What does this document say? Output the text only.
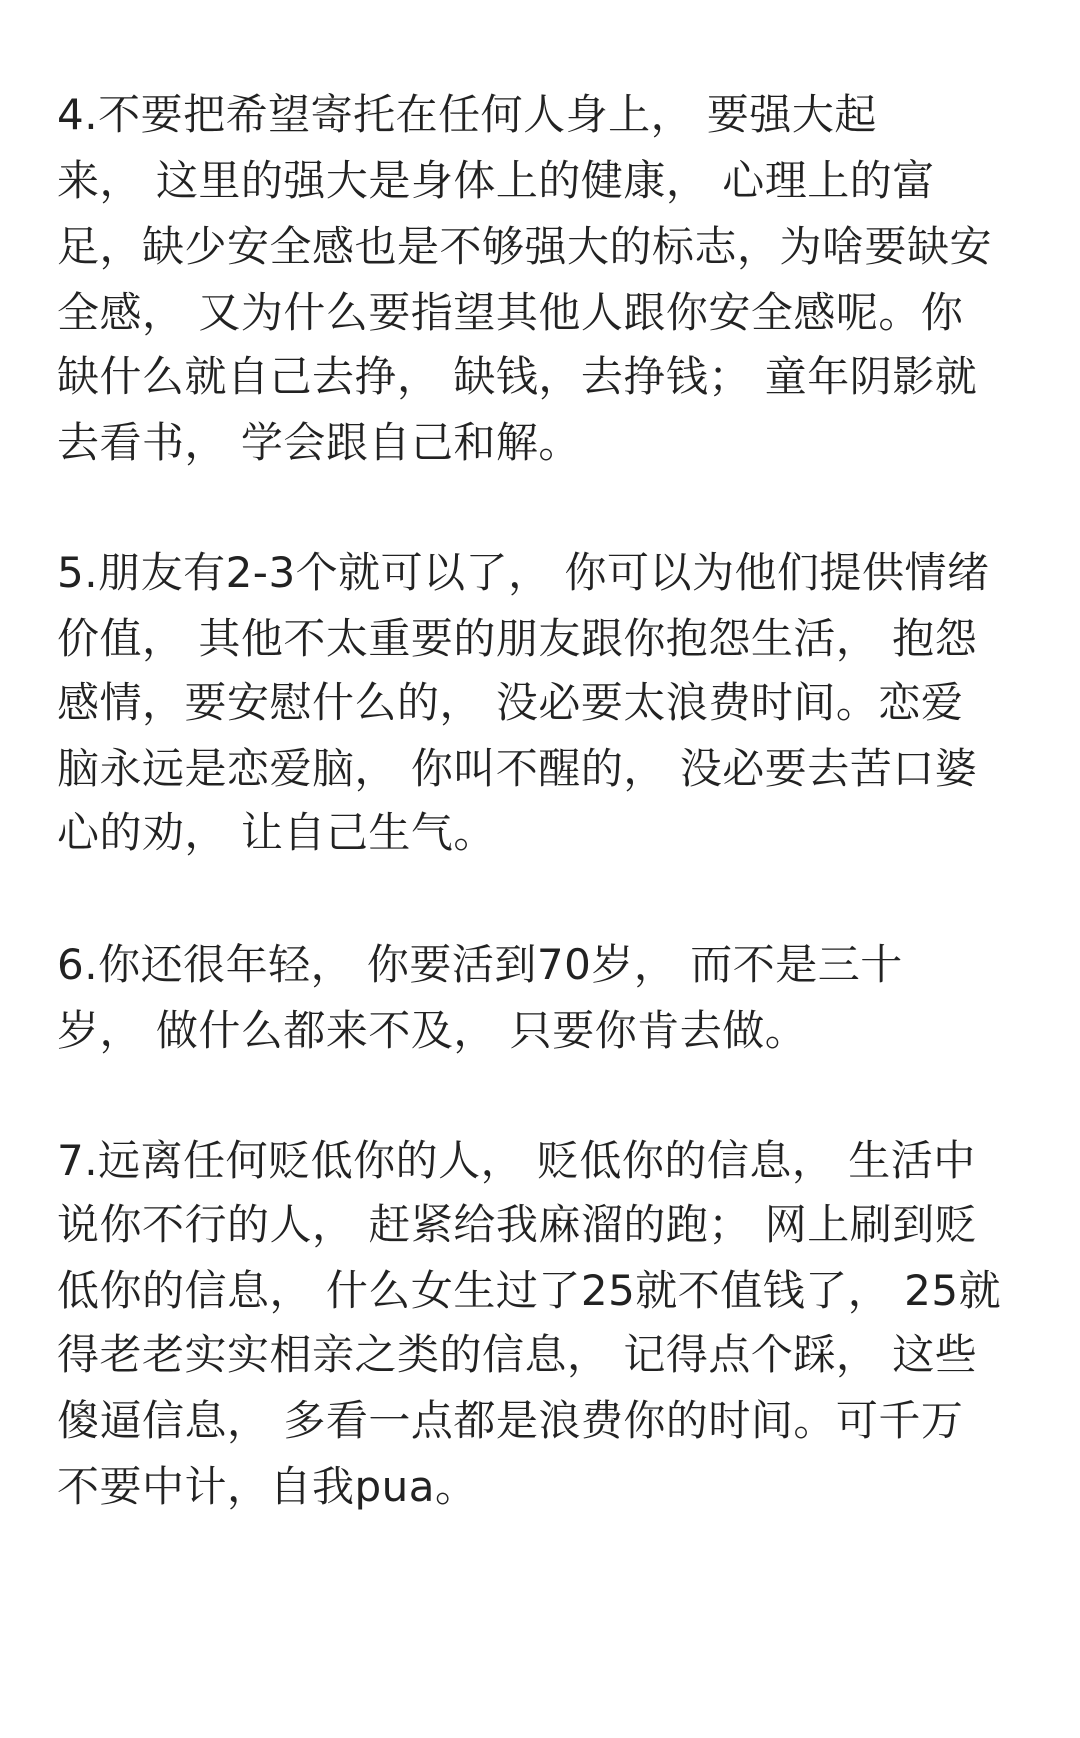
4.不要把希望寄托在任何人身上， 要强大起
来， 这里的强大是身体上的健康， 心理上的富
足，缺少安全感也是不够强大的标志，为啥要缺安
全感， 又为什么要指望其他人跟你安全感呢。你
缺什么就自己去挣， 缺钱，去挣钱； 童年阴影就
去看书， 学会跟自己和解。
5.朋友有2-3个就可以了， 你可以为他们提供情绪
价值， 其他不太重要的朋友跟你抱怨生活， 抱怨
感情，要安慰什么的， 没必要太浪费时间。恋爱
脑永远是恋爱脑， 你叫不醒的， 没必要去苦口婆
心的劝， 让自己生气。
6.你还很年轻， 你要活到70岁， 而不是三十
岁， 做什么都来不及， 只要你肯去做。
7.远离任何贬低你的人， 贬低你的信息， 生活中
说你不行的人， 赶紧给我麻溜的跑； 网上刷到贬
低你的信息， 什么女生过了25就不值钱了， 25就
得老老实实相亲之类的信息， 记得点个踩， 这些
傻逼信息， 多看一点都是浪费你的时间。可千万
不要中计，自我pua。
